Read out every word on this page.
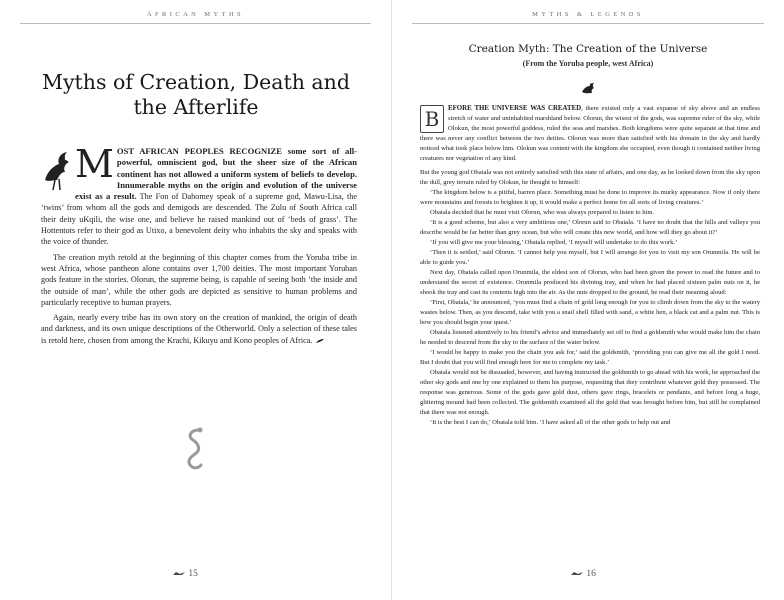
AFRICAN MYTHS
Myths of Creation, Death and the Afterlife
M OST AFRICAN PEOPLES RECOGNIZE some sort of all-powerful, omniscient god, but the sheer size of the African continent has not allowed a uniform system of beliefs to develop. Innumerable myths on the origin and evolution of the universe exist as a result. The Fon of Dahomey speak of a supreme god, Mawu-Lisa, the ‘twins’ from whom all the gods and demigods are descended. The Zulu of South Africa call their deity uKqili, the wise one, and believe he raised mankind out of ‘beds of grass’. The Hottentots refer to their god as Utixo, a benevolent deity who inhabits the sky and speaks with the voice of thunder.

The creation myth retold at the beginning of this chapter comes from the Yoruba tribe in west Africa, whose pantheon alone contains over 1,700 deities. The most important Yoruban gods feature in the stories. Olorun, the supreme being, is capable of seeing both ‘the inside and the outside of man’, while the other gods are depicted as sensitive to human problems and particularly receptive to human prayers.

Again, nearly every tribe has its own story on the creation of mankind, the origin of death and darkness, and its own unique descriptions of the Otherworld. Only a selection of these tales is retold here, chosen from among the Krachi, Kikuyu and Kono peoples of Africa.

15
MYTHS & LEGENDS
Creation Myth: The Creation of the Universe
(From the Yoruba people, west Africa)
B	EFORE THE UNIVERSE WAS CREATED, there existed only a vast expanse of sky above and an endless stretch of water and uninhabited marshland below. Olorun, the wisest of the gods, was supreme ruler of the sky, while Olokun, the most powerful goddess, ruled the seas and marshes. Both kingdoms were quite separate at that time and there was never any conflict between the two deities. Olorun was more than satisfied with his domain in the sky and hardly noticed what took place below him. Olokun was content with the kingdom she occupied, even though it contained neither living creatures nor vegetation of any kind.

But the young god Obatala was not entirely satisfied with this state of affairs, and one day, as he looked down from the sky upon the dull, grey terrain ruled by Olokun, he thought to himself:

‘The kingdom below is a pitiful, barren place. Something must be done to improve its murky appearance. Now if only there were mountains and forests to brighten it up, it would make a perfect home for all sorts of living creatures.’

Obatala decided that he must visit Olorun, who was always prepared to listen to him.

‘It is a good scheme, but also a very ambitious one,’ Olorun said to Obatala. ‘I have no doubt that the hills and valleys you describe would be far better than grey ocean, but who will create this new world, and how will they go about it?’

‘If you will give me your blessing,’ Obatala replied, ‘I myself will undertake to do this work.’

‘Then it is settled,’ said Olorun. ‘I cannot help you myself, but I will arrange for you to visit my son Orunmila. He will be able to guide you.’

Next day, Obatala called upon Orunmila, the eldest son of Olorun, who had been given the power to read the future and to understand the secret of existence. Orunmila produced his divining tray, and when he had placed sixteen palm nuts on it, he shook the tray and cast its contents high into the air. As the nuts dropped to the ground, he read their meaning aloud:

‘First, Obatala,’ he announced, ‘you must find a chain of gold long enough for you to climb down from the sky to the watery wastes below. Then, as you descend, take with you a snail shell filled with sand, a white hen, a black cat and a palm nut. This is how you should begin your quest.’

Obatala listened attentively to his friend’s advice and immediately set off to find a goldsmith who would make him the chain he needed to descend from the sky to the surface of the water below.

‘I would be happy to make you the chain you ask for,’ said the goldsmith, ‘providing you can give me all the gold I need. But I doubt that you will find enough here for me to complete my task.’

Obatala would not be dissuaded, however, and having instructed the goldsmith to go ahead with his work, he approached the other sky gods and one by one explained to them his purpose, requesting that they contribute whatever gold they possessed. The response was generous. Some of the gods gave gold dust, others gave rings, bracelets or pendants, and before long a huge, glittering mound had been collected. The goldsmith examined all the gold that was brought before him, but still he complained that there was not enough.

‘It is the best I can do,’ Obatala told him. ‘I have asked all of the other gods to help out and

16
